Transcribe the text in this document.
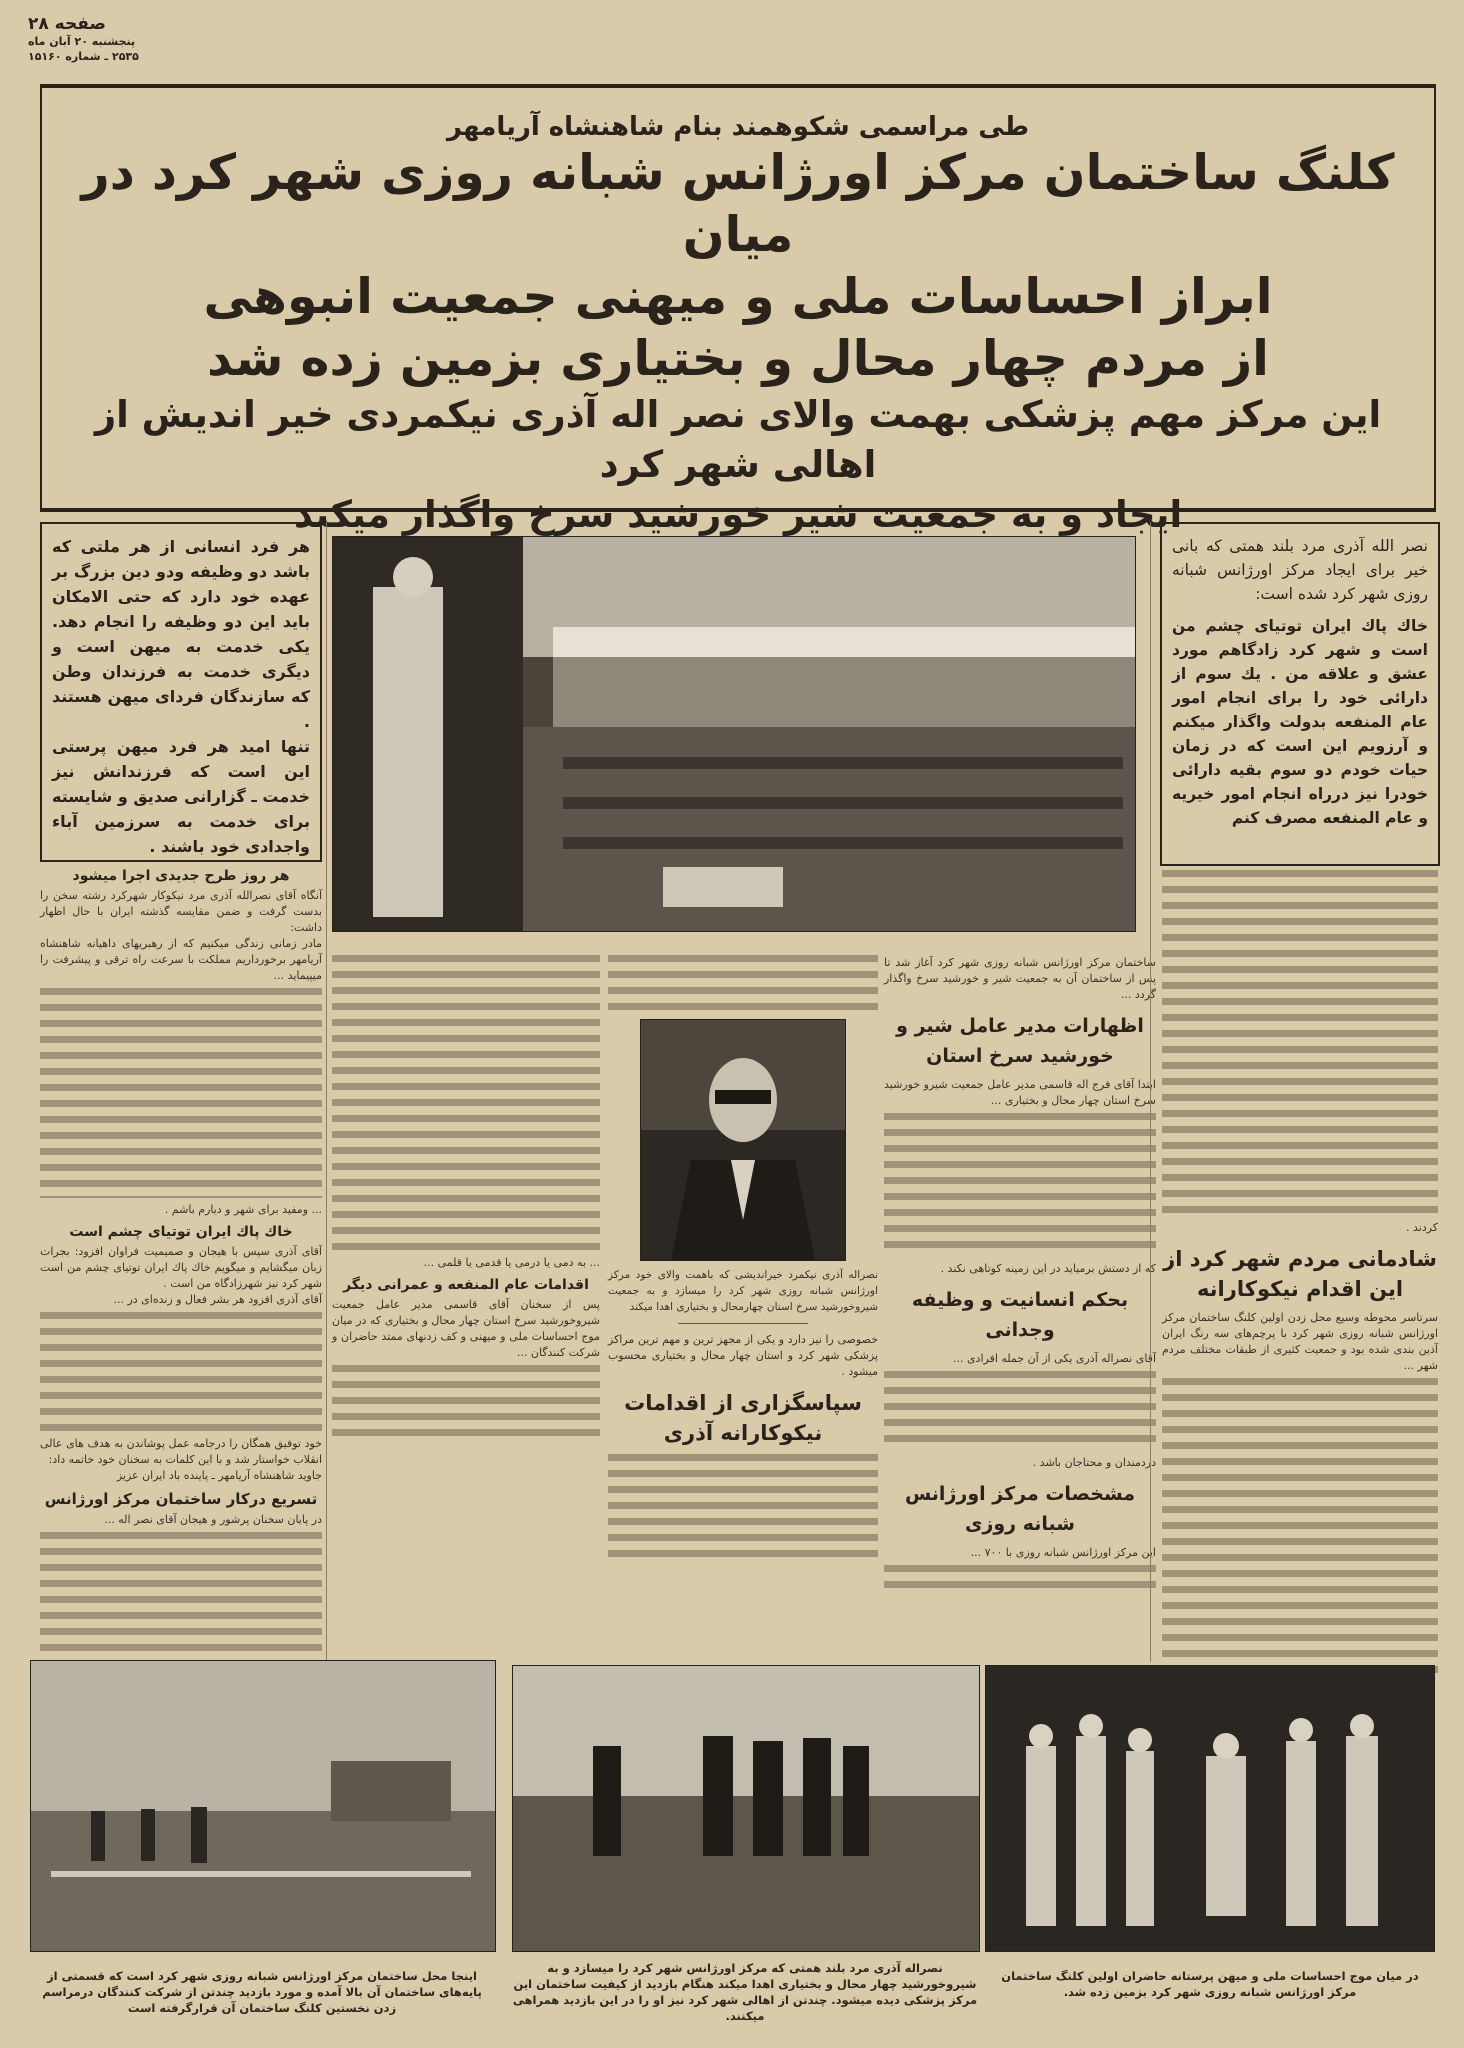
صفحه ۲۸
پنجشنبه ۲۰ آبان ماه
۲۵۳۵ ـ شماره ۱۵۱۶۰
طی مراسمی شکوهمند بنام شاهنشاه آریامهر
کلنگ ساختمان مرکز اورژانس شبانه روزی شهر کرد در میان
ابراز احساسات ملی و میهنی جمعیت انبوهی
از مردم چهار محال و بختیاری بزمین زده شد
این مرکز مهم پزشکی بهمت والای نصر اله آذری نیکمردی خیر اندیش از اهالی شهر کرد
ایجاد و به جمعیت شیر خورشید سرخ واگذار میکند
هر فرد انسانی از هر ملتی که باشد دو وظیفه ودو دین بزرگ بر عهده خود دارد که حتی الامکان باید این دو وظیفه را انجام دهد. یکی خدمت به میهن است و دیگری خدمت به فرزندان وطن که سازندگان فردای میهن هستند .
تنها امید هر فرد میهن پرستی این است که فرزندانش نیز خدمت ـ گزارانی صدیق و شایسته برای خدمت به سرزمین آباء واجدادی خود باشند .
نصر الله آذری مرد بلند همتی که بانی خیر برای ایجاد مرکز اورژانس شبانه روزی شهر کرد شده است:
خاك پاك ایران توتیای چشم من است و شهر کرد زادگاهم مورد عشق و علاقه من . یك سوم از دارائی خود را برای انجام امور عام المنفعه بدولت واگذار میکنم و آرزویم این است که در زمان حیات خودم دو سوم بقیه دارائی خودرا نیز درراه انجام امور خیریه و عام المنفعه مصرف کنم
هر روز طرح جدیدی اجرا میشود
آنگاه آقای نصرالله آذری مرد نیکوکار شهرکرد رشته سخن را بدست گرفت و ضمن مقایسه گذشته ایران با حال اظهار داشت:
مادر زمانی زندگی میکنیم که از رهبریهای داهیانه شاهنشاه آریامهر برخورداریم مملکت با سرعت راه ترقی و پیشرفت را میپیماید ...
... ومفید برای شهر و دیارم باشم .
خاك پاك ایران توتیای چشم است
آقای آذری سپس با هیجان و صمیمیت فراوان افزود: بجرات زبان میگشایم و میگویم خاك پاك ایران توتیای چشم من است شهر کرد نیز شهرزادگاه من است .
آقای آذری افزود هر بشر فعال و زنده‌ای در ...
خود توفیق همگان را درجامه عمل پوشاندن به هدف های عالی انقلاب خواستار شد و با این کلمات به سخنان خود خاتمه داد:
جاوید شاهنشاه آریامهر ـ پاینده باد ایران عزیز
تسریع درکار ساختمان مرکز اورژانس
در پایان سخنان پرشور و هیجان آقای نصر اله ...
... به دمی یا درمی یا قدمی یا قلمی ...
اقدامات عام المنفعه و عمرانی دیگر
پس از سخنان آقای قاسمی مدیر عامل جمعیت شیروخورشید سرخ استان چهار محال و بختیاری که در میان موج احساسات ملی و میهنی و کف زدنهای ممتد حاضران و شرکت کنندگان ...
نصراله آذری نیکمرد خیراندیشی که باهمت والای خود مرکز اورژانس شبانه روزی شهر کرد را میسازد و به جمعیت شیروخورشید سرخ استان چهارمحال و بختیاری اهدا میکند
خصوصی را نیز دارد و یکی از مجهز ترین و مهم ترین مراکز پزشکی شهر کرد و استان چهار محال و بختیاری محسوب میشود .
سپاسگزاری از اقدامات نیکوکارانه آذری
ساختمان مرکز اورژانس شبانه روزی شهر کرد آغاز شد تا پس از ساختمان آن به جمعیت شیر و خورشید سرخ واگذار گردد ...
اظهارات مدیر عامل شیر و خورشید سرخ استان
ابتدا آقای فرج اله قاسمی مدیر عامل جمعیت شیرو خورشید سرخ استان چهار محال و بختیاری ...
که از دستش برمیاید در این زمینه کوتاهی نکند .
بحکم انسانیت و وظیفه وجدانی
آقای نصراله آذری یکی از آن جمله افرادی ...
دردمندان و محتاجان باشد .
مشخصات مرکز اورژانس شبانه روزی
این مرکز اورژانس شبانه روزی با ۷۰۰ ...
کردند .
شادمانی مردم شهر کرد از این اقدام نیکوکارانه
سرتاسر محوطه وسیع محل زدن اولین کلنگ ساختمان مرکز اورژانس شبانه روزی شهر کرد با پرچم‌های سه رنگ ایران آذین بندی شده بود و جمعیت کثیری از طبقات مختلف مردم شهر ...
در میان موج احساسات ملی و میهن پرستانه حاضران اولین کلنگ ساختمان مرکز اورژانس شبانه روزی شهر کرد بزمین زده شد.
نصراله آذری مرد بلند همتی که مرکز اورژانس شهر کرد را میسازد و به شیروخورشید چهار محال و بختیاری اهدا میکند هنگام بازدید از کیفیت ساختمان این مرکز پزشکی دیده میشود. چندتن از اهالی شهر کرد نیز او را در این بازدید همراهی میکنند.
اینجا محل ساختمان مرکز اورژانس شبانه روزی شهر کرد است که قسمتی از پایه‌های ساختمان آن بالا آمده و مورد بازدید چندتن از شرکت کنندگان درمراسم زدن نخستین کلنگ ساختمان آن قرارگرفته است
